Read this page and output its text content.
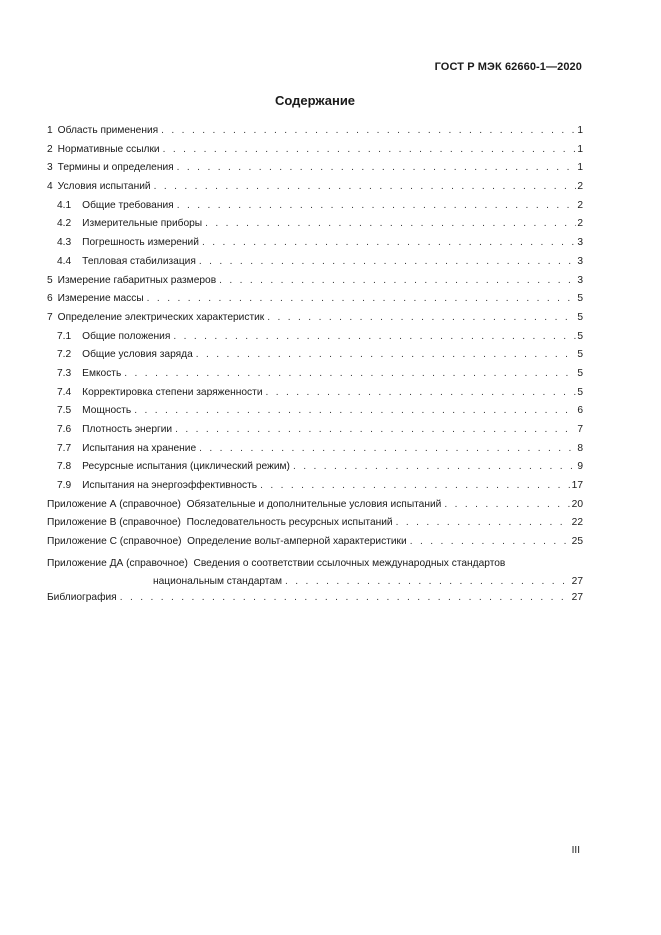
ГОСТ Р МЭК 62660-1—2020
Содержание
1 Область применения . . .	1
2 Нормативные ссылки . . .	1
3 Термины и определения . . .	1
4 Условия испытаний . . .	2
4.1 Общие требования . . .	2
4.2 Измерительные приборы . . .	2
4.3 Погрешность измерений . . .	3
4.4 Тепловая стабилизация . . .	3
5 Измерение габаритных размеров . . .	3
6 Измерение массы . . .	5
7 Определение электрических характеристик . . .	5
7.1 Общие положения . . .	5
7.2 Общие условия заряда . . .	5
7.3 Емкость . . .	5
7.4 Корректировка степени заряженности . . .	5
7.5 Мощность . . .	6
7.6 Плотность энергии . . .	7
7.7 Испытания на хранение . . .	8
7.8 Ресурсные испытания (циклический режим) . . .	9
7.9 Испытания на энергоэффективность . . .	17
Приложение А (справочное)  Обязательные и дополнительные условия испытаний . . .	20
Приложение В (справочное)  Последовательность ресурсных испытаний . . .	22
Приложение С (справочное)  Определение вольт-амперной характеристики . . .	25
Приложение ДА (справочное)  Сведения о соответствии ссылочных международных стандартов
национальным стандартам . . .	27
Библиография . . .	27
III
